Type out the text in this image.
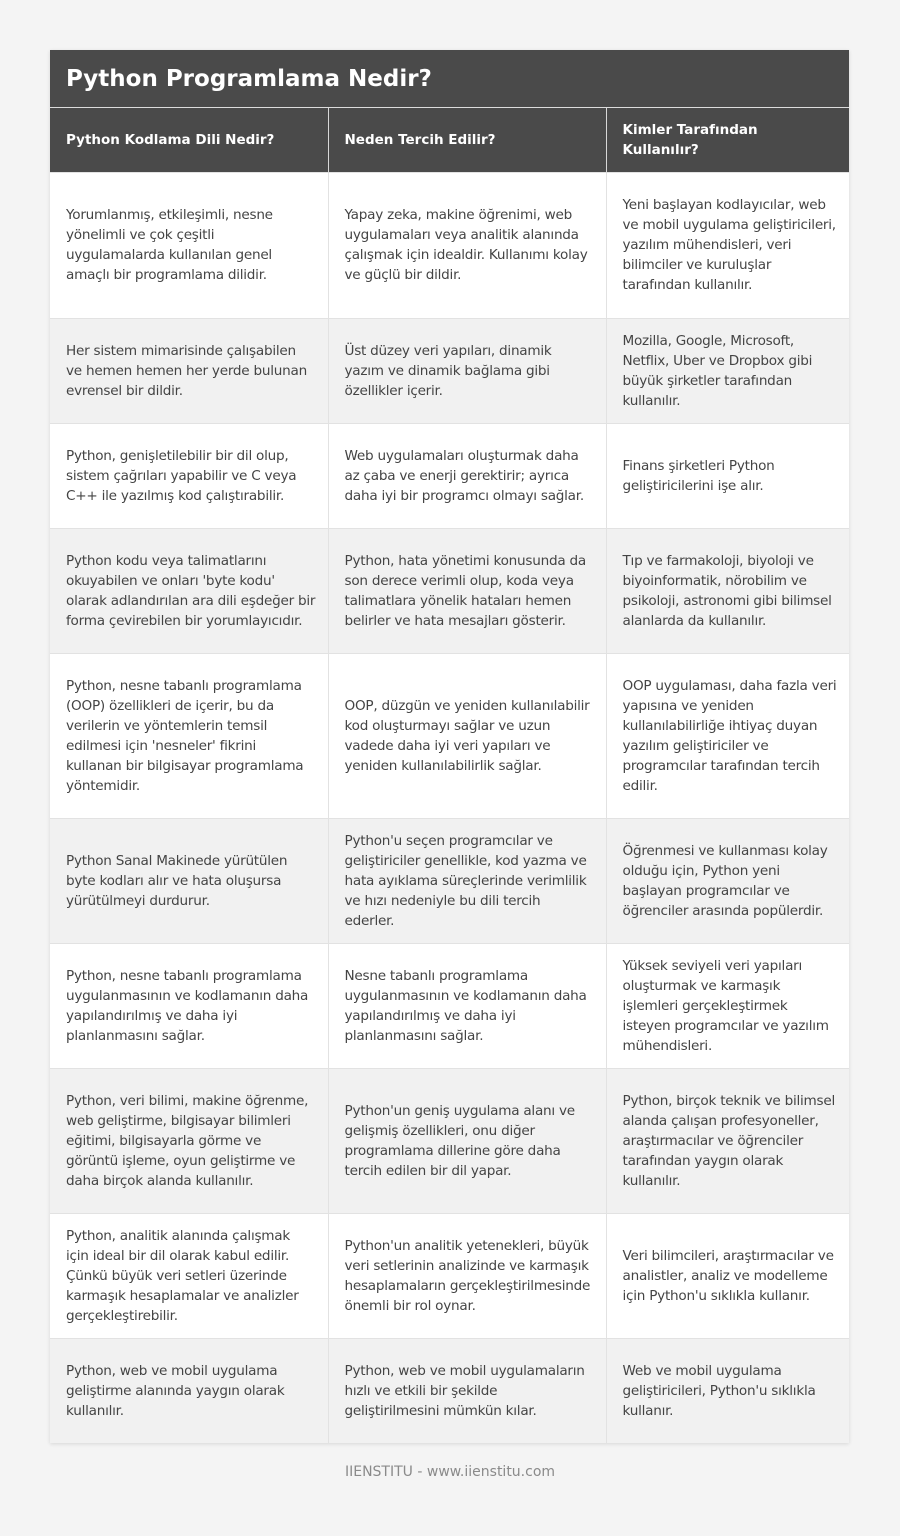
Python Programlama Nedir?
Python Kodlama Dili Nedir?	Neden Tercih Edilir?	Kimler Tarafından Kullanılır?
Yorumlanmış, etkileşimli, nesne yönelimli ve çok çeşitli uygulamalarda kullanılan genel amaçlı bir programlama dilidir.	Yapay zeka, makine öğrenimi, web uygulamaları veya analitik alanında çalışmak için idealdir. Kullanımı kolay ve güçlü bir dildir.	Yeni başlayan kodlayıcılar, web ve mobil uygulama geliştiricileri, yazılım mühendisleri, veri bilimciler ve kuruluşlar tarafından kullanılır.
Her sistem mimarisinde çalışabilen ve hemen hemen her yerde bulunan evrensel bir dildir.	Üst düzey veri yapıları, dinamik yazım ve dinamik bağlama gibi özellikler içerir.	Mozilla, Google, Microsoft, Netflix, Uber ve Dropbox gibi büyük şirketler tarafından kullanılır.
Python, genişletilebilir bir dil olup, sistem çağrıları yapabilir ve C veya C++ ile yazılmış kod çalıştırabilir.	Web uygulamaları oluşturmak daha az çaba ve enerji gerektirir; ayrıca daha iyi bir programcı olmayı sağlar.	Finans şirketleri Python geliştiricilerini işe alır.
Python kodu veya talimatlarını okuyabilen ve onları 'byte kodu' olarak adlandırılan ara dili eşdeğer bir forma çevirebilen bir yorumlayıcıdır.	Python, hata yönetimi konusunda da son derece verimli olup, koda veya talimatlara yönelik hataları hemen belirler ve hata mesajları gösterir.	Tıp ve farmakoloji, biyoloji ve biyoinformatik, nörobilim ve psikoloji, astronomi gibi bilimsel alanlarda da kullanılır.
Python, nesne tabanlı programlama (OOP) özellikleri de içerir, bu da verilerin ve yöntemlerin temsil edilmesi için 'nesneler' fikrini kullanan bir bilgisayar programlama yöntemidir.	OOP, düzgün ve yeniden kullanılabilir kod oluşturmayı sağlar ve uzun vadede daha iyi veri yapıları ve yeniden kullanılabilirlik sağlar.	OOP uygulaması, daha fazla veri yapısına ve yeniden kullanılabilirliğe ihtiyaç duyan yazılım geliştiriciler ve programcılar tarafından tercih edilir.
Python Sanal Makinede yürütülen byte kodları alır ve hata oluşursa yürütülmeyi durdurur.	Python'u seçen programcılar ve geliştiriciler genellikle, kod yazma ve hata ayıklama süreçlerinde verimlilik ve hızı nedeniyle bu dili tercih ederler.	Öğrenmesi ve kullanması kolay olduğu için, Python yeni başlayan programcılar ve öğrenciler arasında popülerdir.
Python, nesne tabanlı programlama uygulanmasının ve kodlamanın daha yapılandırılmış ve daha iyi planlanmasını sağlar.	Nesne tabanlı programlama uygulanmasının ve kodlamanın daha yapılandırılmış ve daha iyi planlanmasını sağlar.	Yüksek seviyeli veri yapıları oluşturmak ve karmaşık işlemleri gerçekleştirmek isteyen programcılar ve yazılım mühendisleri.
Python, veri bilimi, makine öğrenme, web geliştirme, bilgisayar bilimleri eğitimi, bilgisayarla görme ve görüntü işleme, oyun geliştirme ve daha birçok alanda kullanılır.	Python'un geniş uygulama alanı ve gelişmiş özellikleri, onu diğer programlama dillerine göre daha tercih edilen bir dil yapar.	Python, birçok teknik ve bilimsel alanda çalışan profesyoneller, araştırmacılar ve öğrenciler tarafından yaygın olarak kullanılır.
Python, analitik alanında çalışmak için ideal bir dil olarak kabul edilir. Çünkü büyük veri setleri üzerinde karmaşık hesaplamalar ve analizler gerçekleştirebilir.	Python'un analitik yetenekleri, büyük veri setlerinin analizinde ve karmaşık hesaplamaların gerçekleştirilmesinde önemli bir rol oynar.	Veri bilimcileri, araştırmacılar ve analistler, analiz ve modelleme için Python'u sıklıkla kullanır.
Python, web ve mobil uygulama geliştirme alanında yaygın olarak kullanılır.	Python, web ve mobil uygulamaların hızlı ve etkili bir şekilde geliştirilmesini mümkün kılar.	Web ve mobil uygulama geliştiricileri, Python'u sıklıkla kullanır.
IIENSTITU - www.iienstitu.com
